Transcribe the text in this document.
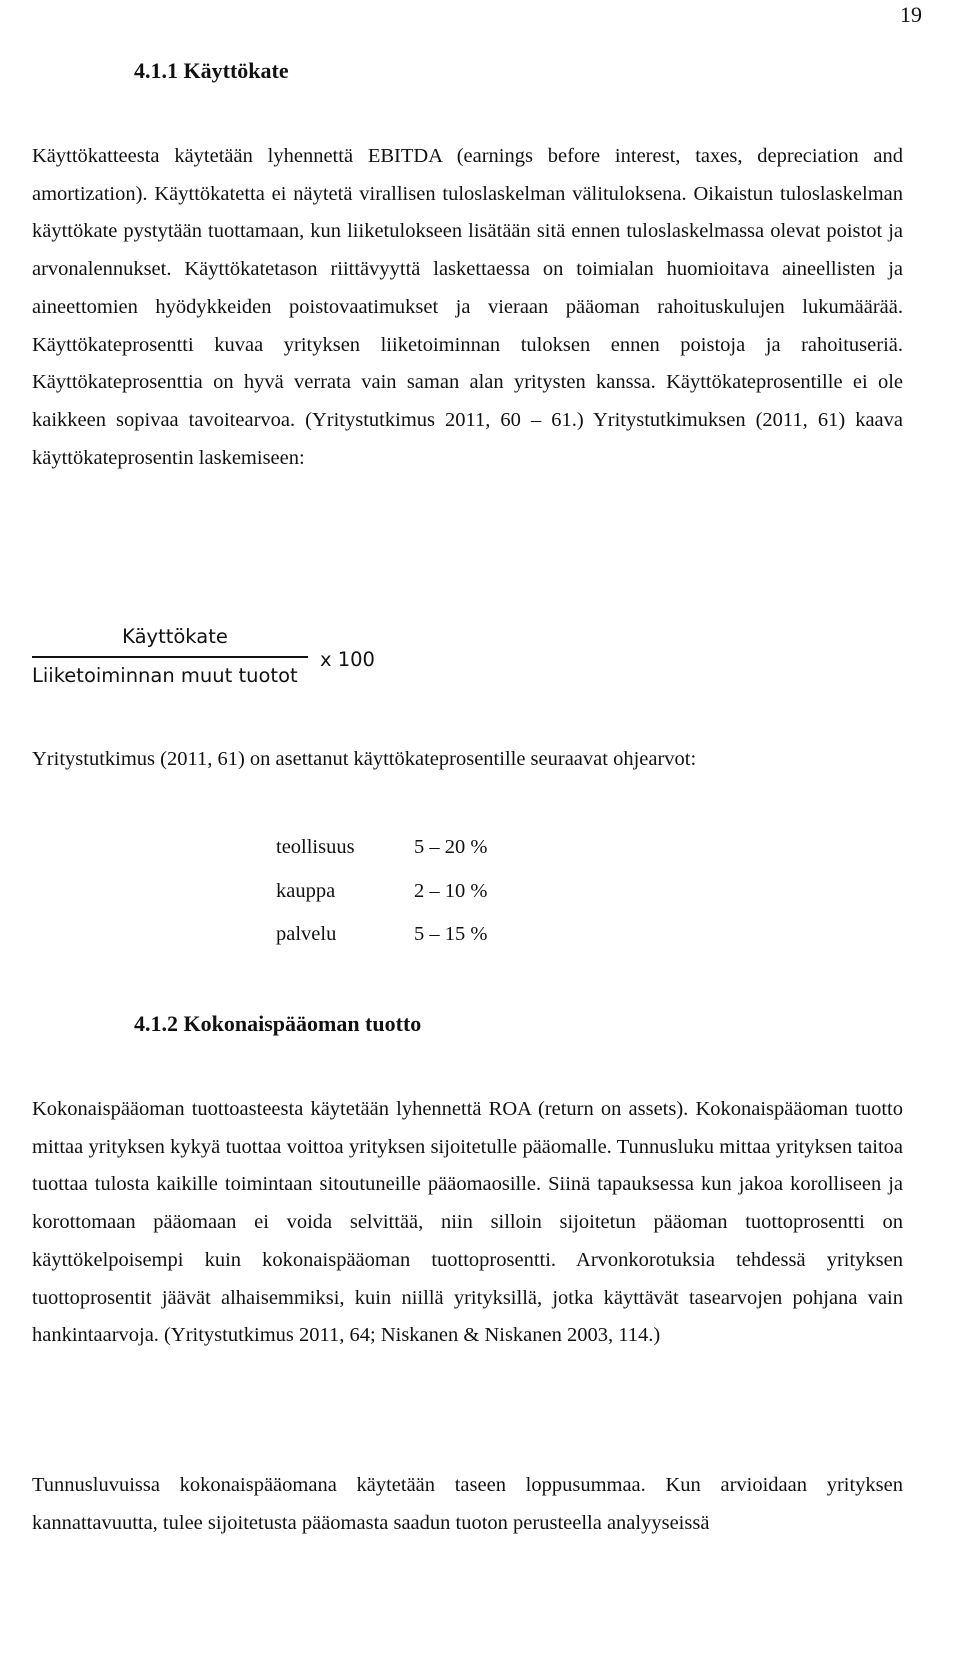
19
4.1.1 Käyttökate

Käyttökatteesta käytetään lyhennettä EBITDA (earnings before interest, taxes, depreciation and amortization). Käyttökatetta ei näytetä virallisen tuloslaskelman välituloksena. Oikaistun tuloslaskelman käyttökate pystytään tuottamaan, kun liiketulokseen lisätään sitä ennen tuloslaskelmassa olevat poistot ja arvonalennukset. Käyttökatetason riittävyyttä laskettaessa on toimialan huomioitava aineellisten ja aineettomien hyödykkeiden poistovaatimukset ja vieraan pääoman rahoituskulujen lukumäärää. Käyttökateprosentti kuvaa yrityksen liiketoiminnan tuloksen ennen poistoja ja rahoituseriä. Käyttökateprosenttia on hyvä verrata vain saman alan yritysten kanssa. Käyttökateprosentille ei ole kaikkeen sopivaa tavoitearvoa. (Yritystutkimus 2011, 60 – 61.) Yritystutkimuksen (2011, 61) kaava käyttökateprosentin laskemiseen:

Käyttökate
Liiketoiminnan muut tuotot
x 100

Yritystutkimus (2011, 61) on asettanut käyttökateprosentille seuraavat ohjearvot:

teollisuus	5 – 20 %
kauppa	2 – 10 %
palvelu	5 – 15 %
4.1.2 Kokonaispääoman tuotto

Kokonaispääoman tuottoasteesta käytetään lyhennettä ROA (return on assets). Kokonaispääoman tuotto mittaa yrityksen kykyä tuottaa voittoa yrityksen sijoitetulle pääomalle. Tunnusluku mittaa yrityksen taitoa tuottaa tulosta kaikille toimintaan sitoutuneille pääomaosille. Siinä tapauksessa kun jakoa korolliseen ja korottomaan pääomaan ei voida selvittää, niin silloin sijoitetun pääoman tuottoprosentti on käyttökelpoisempi kuin kokonaispääoman tuottoprosentti. Arvonkorotuksia tehdessä yrityksen tuottoprosentit jäävät alhaisemmiksi, kuin niillä yrityksillä, jotka käyttävät tasearvojen pohjana vain hankintaarvoja. (Yritystutkimus 2011, 64; Niskanen & Niskanen 2003, 114.)

Tunnusluvuissa kokonaispääomana käytetään taseen loppusummaa. Kun arvioidaan yrityksen kannattavuutta, tulee sijoitetusta pääomasta saadun tuoton perusteella analyyseissä
